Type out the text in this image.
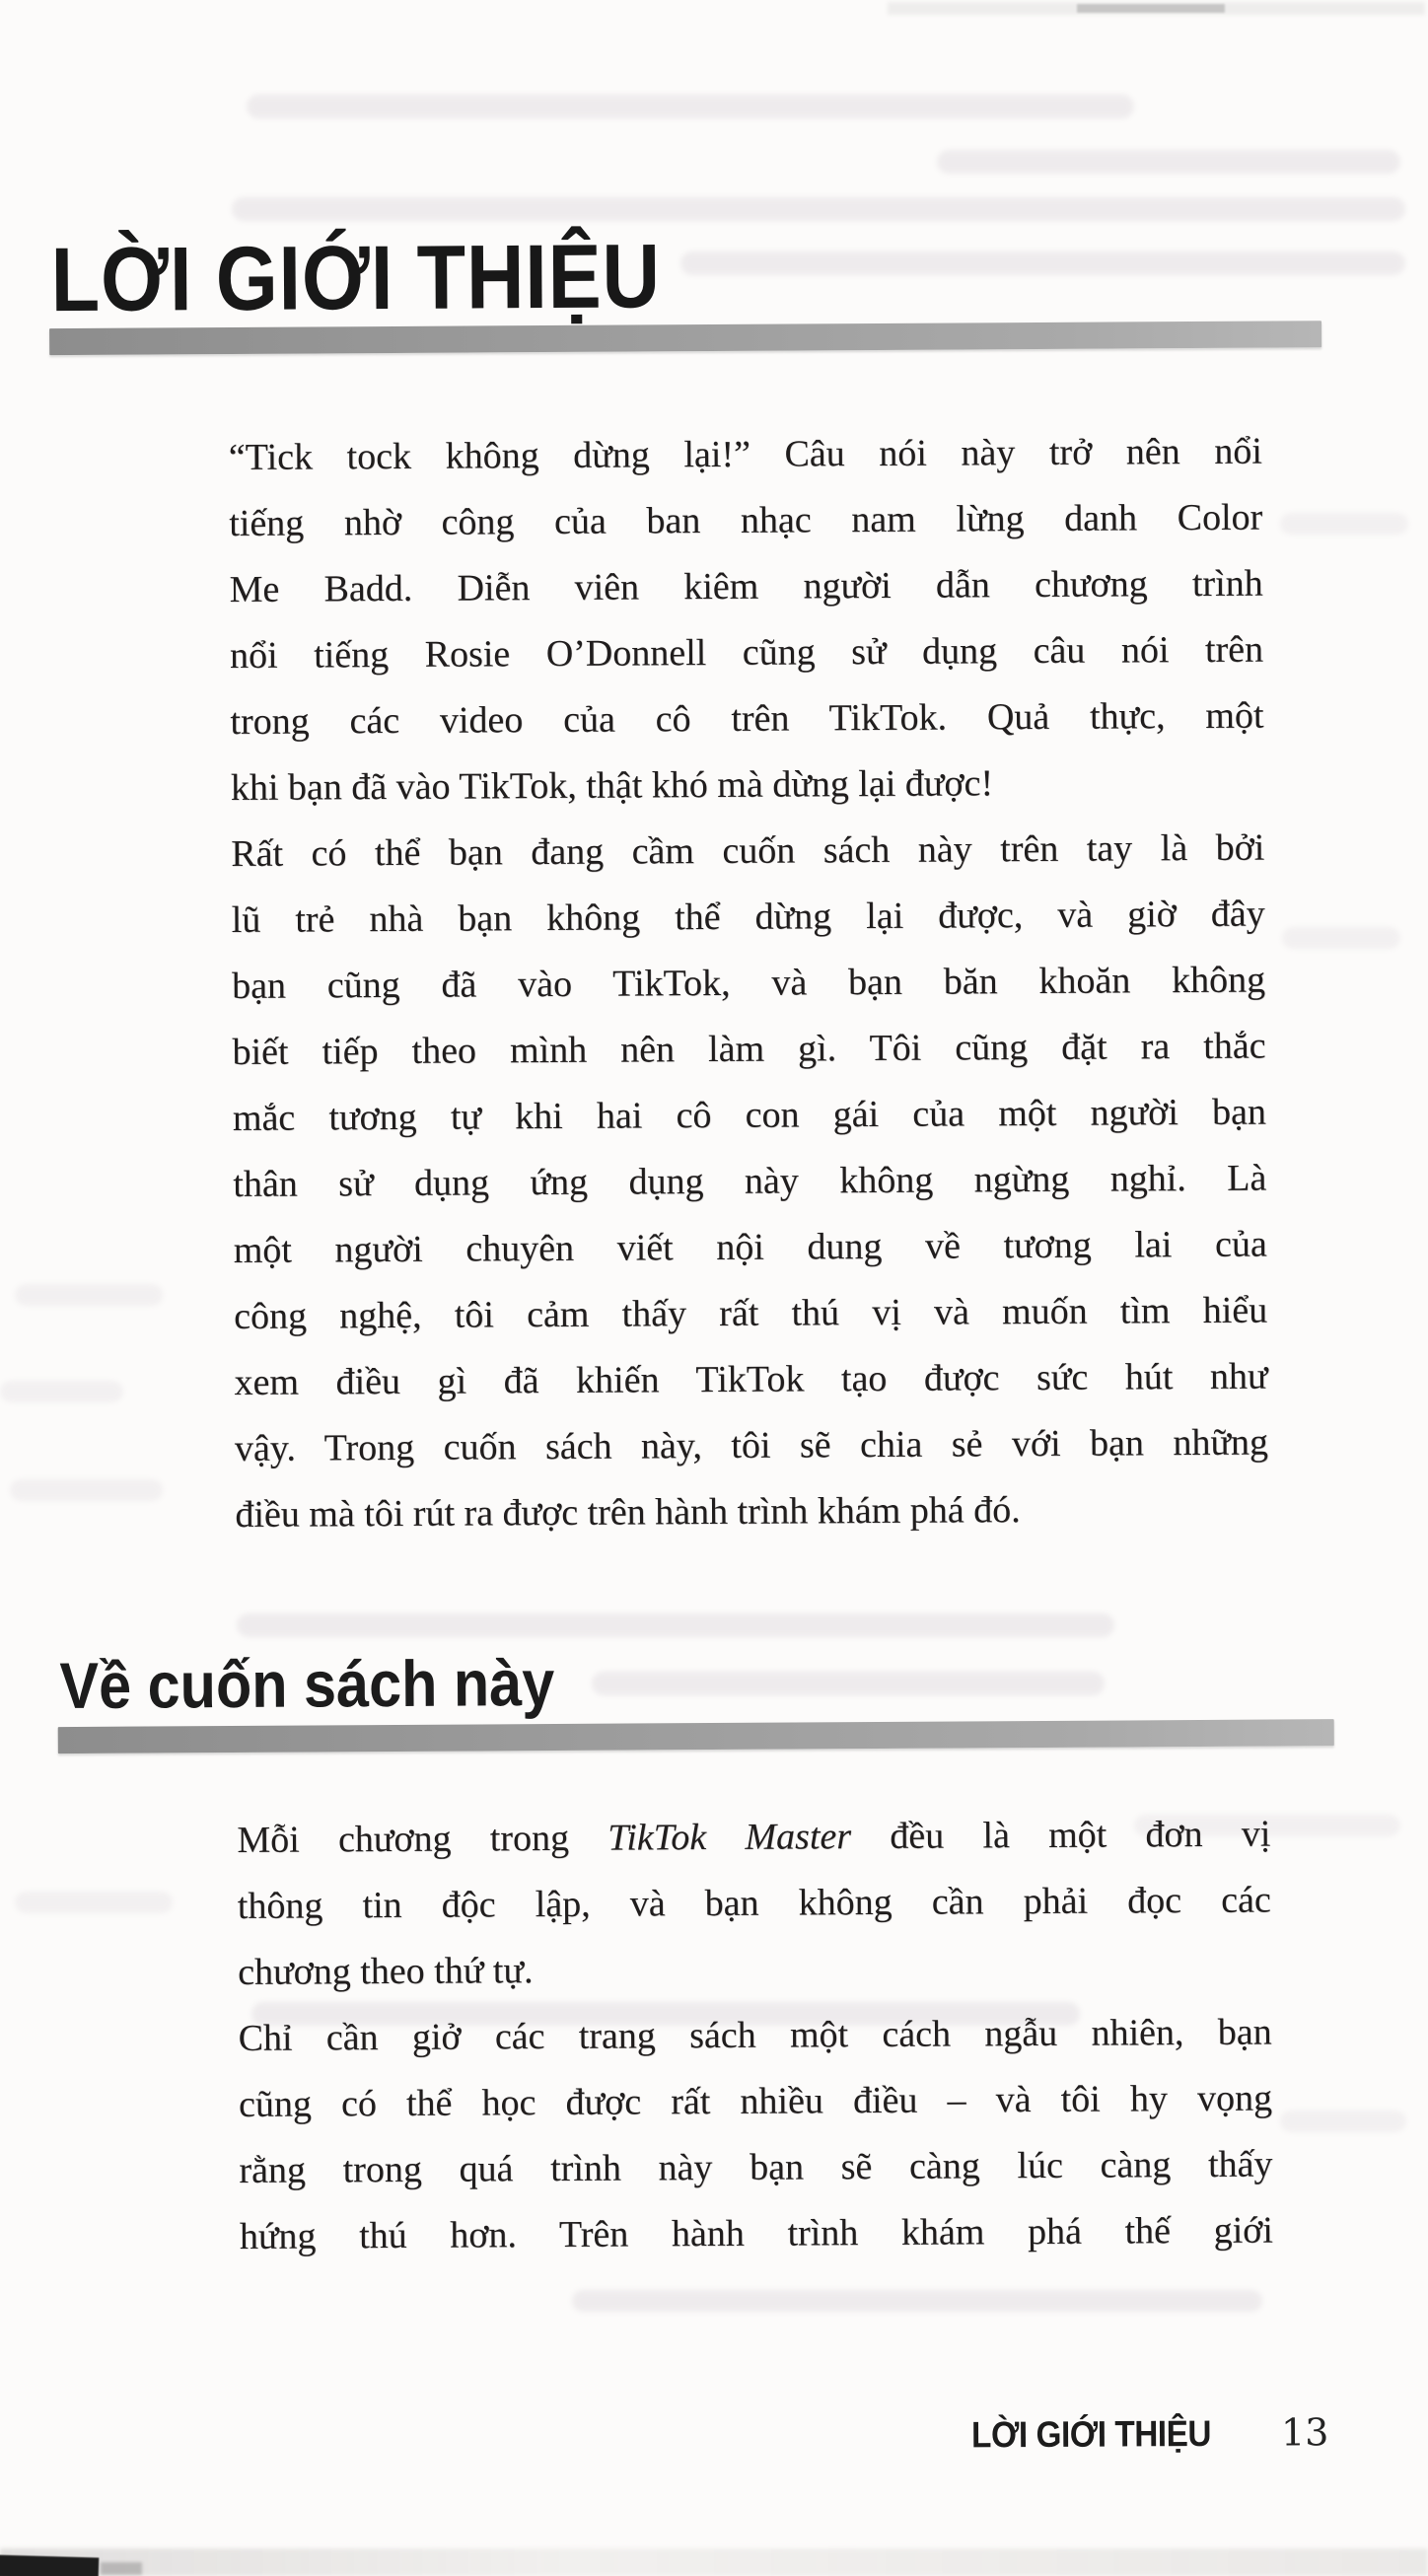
LỜI GIỚI THIỆU
“Tick tock không dừng lại!” Câu nói này trở nên nổi
tiếng nhờ công của ban nhạc nam lừng danh Color
Me Badd. Diễn viên kiêm người dẫn chương trình
nổi tiếng Rosie O’Donnell cũng sử dụng câu nói trên
trong các video của cô trên TikTok. Quả thực, một
khi bạn đã vào TikTok, thật khó mà dừng lại được!
Rất có thể bạn đang cầm cuốn sách này trên tay là bởi
lũ trẻ nhà bạn không thể dừng lại được, và giờ đây
bạn cũng đã vào TikTok, và bạn băn khoăn không
biết tiếp theo mình nên làm gì. Tôi cũng đặt ra thắc
mắc tương tự khi hai cô con gái của một người bạn
thân sử dụng ứng dụng này không ngừng nghỉ. Là
một người chuyên viết nội dung về tương lai của
công nghệ, tôi cảm thấy rất thú vị và muốn tìm hiểu
xem điều gì đã khiến TikTok tạo được sức hút như
vậy. Trong cuốn sách này, tôi sẽ chia sẻ với bạn những
điều mà tôi rút ra được trên hành trình khám phá đó.
Về cuốn sách này
Mỗi chương trong TikTok Master đều là một đơn vị
thông tin độc lập, và bạn không cần phải đọc các
chương theo thứ tự.
Chỉ cần giở các trang sách một cách ngẫu nhiên, bạn
cũng có thể học được rất nhiều điều – và tôi hy vọng
rằng trong quá trình này bạn sẽ càng lúc càng thấy
hứng thú hơn. Trên hành trình khám phá thế giới
LỜI GIỚI THIỆU 13
